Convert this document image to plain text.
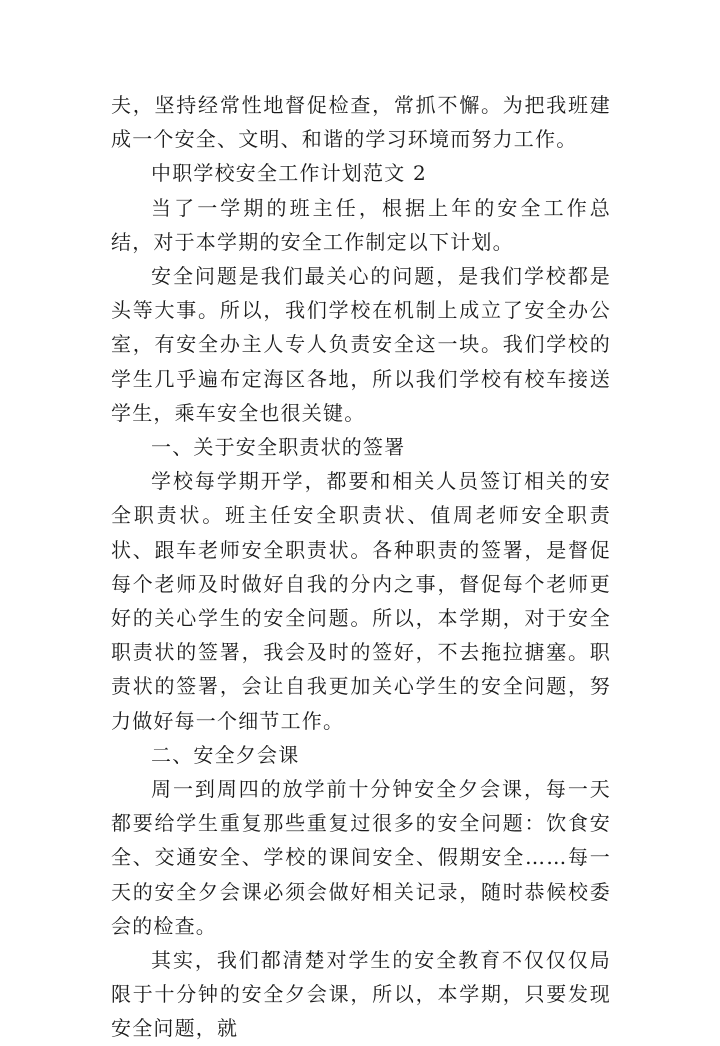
夫，坚持经常性地督促检查，常抓不懈。为把我班建成一个安全、文明、和谐的学习环境而努力工作。

中职学校安全工作计划范文 2

当了一学期的班主任，根据上年的安全工作总结，对于本学期的安全工作制定以下计划。

安全问题是我们最关心的问题，是我们学校都是头等大事。所以，我们学校在机制上成立了安全办公室，有安全办主人专人负责安全这一块。我们学校的学生几乎遍布定海区各地，所以我们学校有校车接送学生，乘车安全也很关键。

一、关于安全职责状的签署

学校每学期开学，都要和相关人员签订相关的安全职责状。班主任安全职责状、值周老师安全职责状、跟车老师安全职责状。各种职责的签署，是督促每个老师及时做好自我的分内之事，督促每个老师更好的关心学生的安全问题。所以，本学期，对于安全职责状的签署，我会及时的签好，不去拖拉搪塞。职责状的签署，会让自我更加关心学生的安全问题，努力做好每一个细节工作。

二、安全夕会课

周一到周四的放学前十分钟安全夕会课，每一天都要给学生重复那些重复过很多的安全问题：饮食安全、交通安全、学校的课间安全、假期安全……每一天的安全夕会课必须会做好相关记录，随时恭候校委会的检查。

其实，我们都清楚对学生的安全教育不仅仅仅局限于十分钟的安全夕会课，所以，本学期，只要发现安全问题，就
